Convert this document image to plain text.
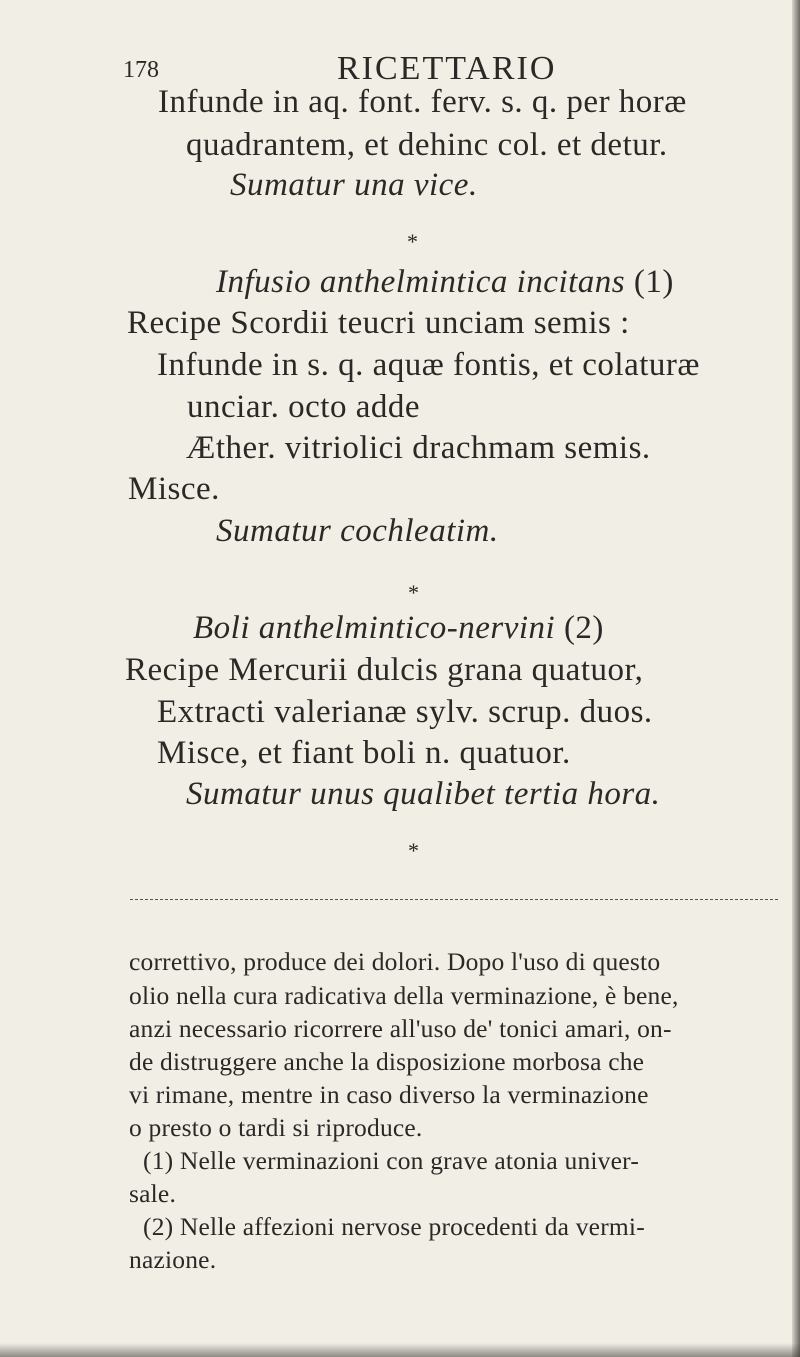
178	RICETTARIO
Infunde in aq. font. ferv. s. q. per horæ
quadrantem, et dehinc col. et detur.
Sumatur una vice.
*
Infusio anthelmintica incitans (1)
Recipe Scordii teucri unciam semis :
Infunde in s. q. aquæ fontis, et colaturæ
unciar. octo adde
Æther. vitriolici drachmam semis.
Misce.
Sumatur cochleatim.
*
Boli anthelmintico-nervini (2)
Recipe Mercurii dulcis grana quatuor,
Extracti valerianæ sylv. scrup. duos.
Misce, et fiant boli n. quatuor.
Sumatur unus qualibet tertia hora.
*
correttivo, produce dei dolori. Dopo l'uso di questo
olio nella cura radicativa della verminazione, è bene,
anzi necessario ricorrere all'uso de' tonici amari, on-
de distruggere anche la disposizione morbosa che
vi rimane, mentre in caso diverso la verminazione
o presto o tardi si riproduce.
(1) Nelle verminazioni con grave atonia univer-
sale.
(2) Nelle affezioni nervose procedenti da vermi-
nazione.
